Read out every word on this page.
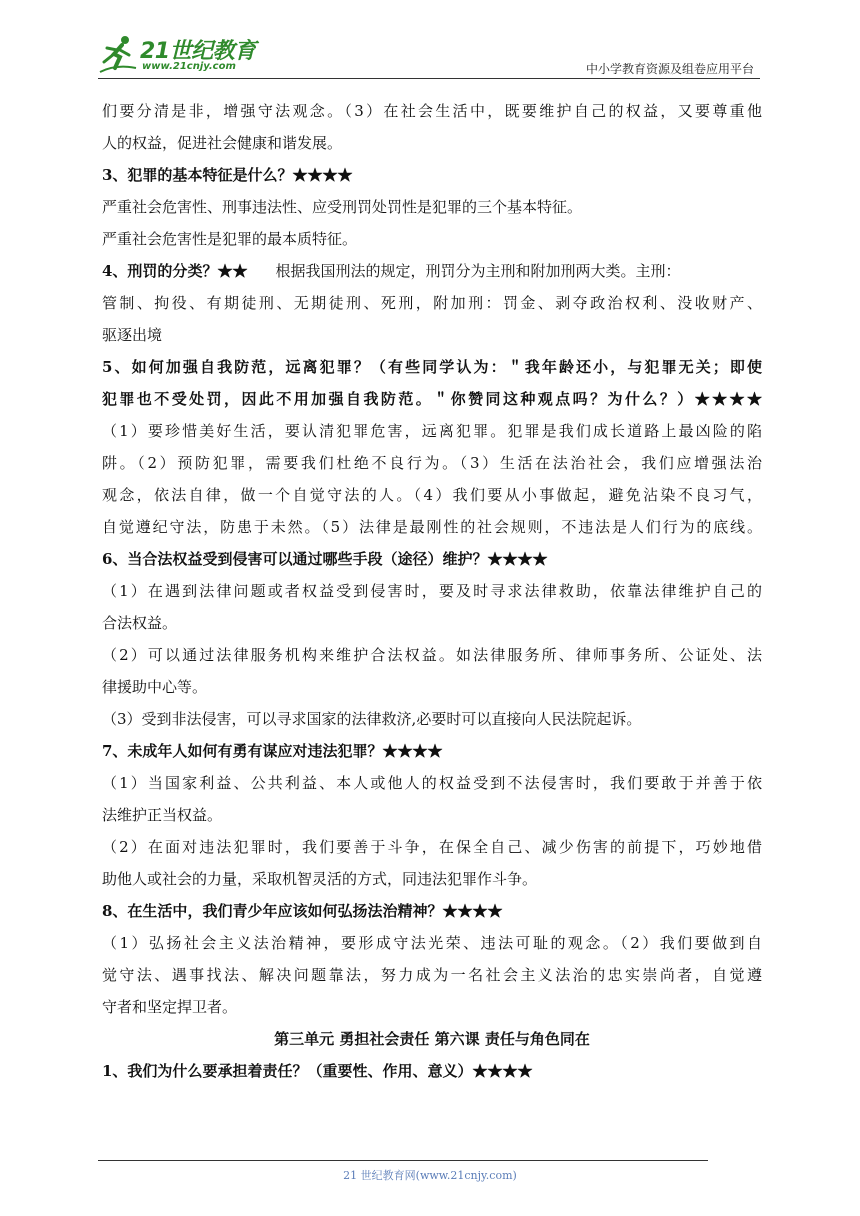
21世纪教育
www.21cnjy.com	中小学教育资源及组卷应用平台
们要分清是非，增强守法观念。（3）在社会生活中，既要维护自己的权益，又要尊重他
人的权益，促进社会健康和谐发展。
3、犯罪的基本特征是什么？★★★★
严重社会危害性、刑事违法性、应受刑罚处罚性是犯罪的三个基本特征。
严重社会危害性是犯罪的最本质特征。
4、刑罚的分类？★★ 根据我国刑法的规定，刑罚分为主刑和附加刑两大类。主刑：
管制、拘役、有期徒刑、无期徒刑、死刑，附加刑：罚金、剥夺政治权利、没收财产、
驱逐出境
5、如何加强自我防范，远离犯罪？（有些同学认为：＂我年龄还小，与犯罪无关；即使
犯罪也不受处罚，因此不用加强自我防范。＂你赞同这种观点吗？为什么？）★★★★
（1）要珍惜美好生活，要认清犯罪危害，远离犯罪。犯罪是我们成长道路上最凶险的陷
阱。（2）预防犯罪，需要我们杜绝不良行为。（3）生活在法治社会，我们应增强法治
观念，依法自律，做一个自觉守法的人。（4）我们要从小事做起，避免沾染不良习气，
自觉遵纪守法，防患于未然。（5）法律是最刚性的社会规则，不违法是人们行为的底线。
6、当合法权益受到侵害可以通过哪些手段（途径）维护？★★★★
（1）在遇到法律问题或者权益受到侵害时，要及时寻求法律救助，依靠法律维护自己的
合法权益。
（2）可以通过法律服务机构来维护合法权益。如法律服务所、律师事务所、公证处、法
律援助中心等。
（3）受到非法侵害，可以寻求国家的法律救济,必要时可以直接向人民法院起诉。
7、未成年人如何有勇有谋应对违法犯罪？★★★★
（1）当国家利益、公共利益、本人或他人的权益受到不法侵害时，我们要敢于并善于依
法维护正当权益。
（2）在面对违法犯罪时，我们要善于斗争，在保全自己、减少伤害的前提下，巧妙地借
助他人或社会的力量，采取机智灵活的方式，同违法犯罪作斗争。
8、在生活中，我们青少年应该如何弘扬法治精神？★★★★
（1）弘扬社会主义法治精神，要形成守法光荣、违法可耻的观念。（2）我们要做到自
觉守法、遇事找法、解决问题靠法，努力成为一名社会主义法治的忠实崇尚者，自觉遵
守者和坚定捍卫者。
第三单元 勇担社会责任 第六课 责任与角色同在
1、我们为什么要承担着责任？（重要性、作用、意义）★★★★
21 世纪教育网(www.21cnjy.com)
